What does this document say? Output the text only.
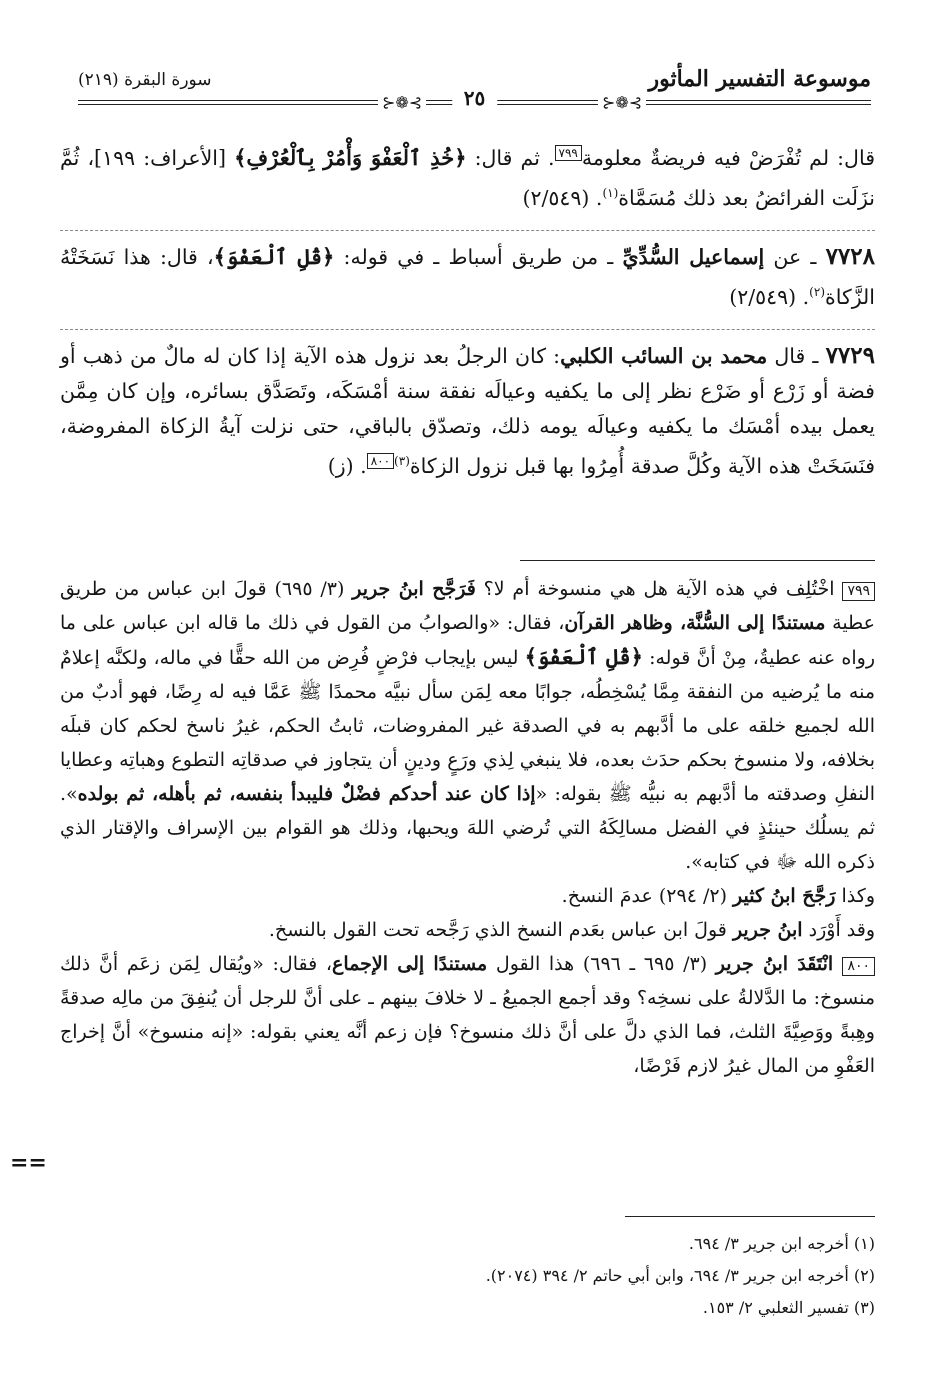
موسوعة التفسير المأثور
سورة البقرة (٢١٩)
⊱❁⊰	٢٥	⊱❁⊰

قال: لم تُفْرَضْ فيه فريضةٌ معلومة٧٩٩. ثم قال: ﴿خُذِ ٱلْعَفْوَ وَأْمُرْ بِٱلْعُرْفِ﴾ [الأعراف: ١٩٩]، ثُمَّ نزَلَت الفرائضُ بعد ذلك مُسَمَّاة$^{(١)}$. (٢/٥٤٩)

٧٧٢٨ ـ عن إسماعيل السُّدِّيِّ ـ من طريق أسباط ـ في قوله: ﴿قُلِ ٱلْعَفْوَ﴾، قال: هذا نَسَخَتْهُ الزَّكاة$^{(٢)}$. (٢/٥٤٩)

٧٧٢٩ ـ قال محمد بن السائب الكلبي: كان الرجلُ بعد نزول هذه الآية إذا كان له مالٌ من ذهب أو فضة أو زَرْع أو ضَرْع نظر إلى ما يكفيه وعيالَه نفقة سنة أمْسَكَه، وتَصَدَّق بسائره، وإن كان مِمَّن يعمل بيده أمْسَك ما يكفيه وعيالَه يومه ذلك، وتصدّق بالباقي، حتى نزلت آيةُ الزكاة المفروضة، فنَسَخَتْ هذه الآية وكُلَّ صدقة أُمِرُوا بها قبل نزول الزكاة$^{(٣)}$٨٠٠. (ز)

٧٩٩ اخْتُلِف في هذه الآية هل هي منسوخة أم لا؟ فَرَجَّح ابنُ جرير (٣/ ٦٩٥) قولَ ابن عباس من طريق عطية مستندًا إلى السُّنَّة، وظاهر القرآن، فقال: «والصوابُ من القول في ذلك ما قاله ابن عباس على ما رواه عنه عطيةُ، مِنْ أنَّ قوله: ﴿قُلِ ٱلْعَفْوَ﴾ ليس بإيجاب فرْضٍ فُرِض من الله حقًّا في ماله، ولكنَّه إعلامٌ منه ما يُرضيه من النفقة مِمَّا يُسْخِطُه، جوابًا معه لِمَن سأل نبيَّه محمدًا ﷺ عَمَّا فيه له رِضًا، فهو أدبٌ من الله لجميع خلقه على ما أدَّبهم به في الصدقة غير المفروضات، ثابتُ الحكم، غيرُ ناسخ لحكم كان قبلَه بخلافه، ولا منسوخ بحكم حدَث بعده، فلا ينبغي لِذي ورَعٍ ودينٍ أن يتجاوز في صدقاتِه التطوع وهباتِه وعطايا النفلِ وصدقته ما أدَّبهم به نبيُّه ﷺ بقوله: «إذا كان عند أحدكم فضْلٌ فليبدأ بنفسه، ثم بأهله، ثم بولده». ثم يسلُك حينئذٍ في الفضل مسالِكَهُ التي تُرضي اللهَ ويحبها، وذلك هو القوام بين الإسراف والإقتار الذي ذكره الله ﷻ في كتابه».

وكذا رَجَّحَ ابنُ كثير (٢/ ٢٩٤) عدمَ النسخ.

وقد أَوْرَد ابنُ جرير قولَ ابن عباس بعَدم النسخ الذي رَجَّحه تحت القول بالنسخ.

٨٠٠ انْتَقَدَ ابنُ جرير (٣/ ٦٩٥ ـ ٦٩٦) هذا القول مستندًا إلى الإجماع، فقال: «ويُقال لِمَن زعَم أنَّ ذلك منسوخ: ما الدَّلالةُ على نسخِه؟ وقد أجمع الجميعُ ـ لا خلافَ بينهم ـ على أنَّ للرجل أن يُنفِقَ من مالِه صدقةً وهِبةً ووَصِيَّةَ الثلث، فما الذي دلَّ على أنَّ ذلك منسوخ؟ فإن زعم أنَّه يعني بقوله: «إنه منسوخ» أنَّ إخراج العَفْوِ من المال غيرُ لازم فَرْضًا،

==

(١) أخرجه ابن جرير ٣/ ٦٩٤.

(٢) أخرجه ابن جرير ٣/ ٦٩٤، وابن أبي حاتم ٢/ ٣٩٤ (٢٠٧٤).

(٣) تفسير الثعلبي ٢/ ١٥٣.
